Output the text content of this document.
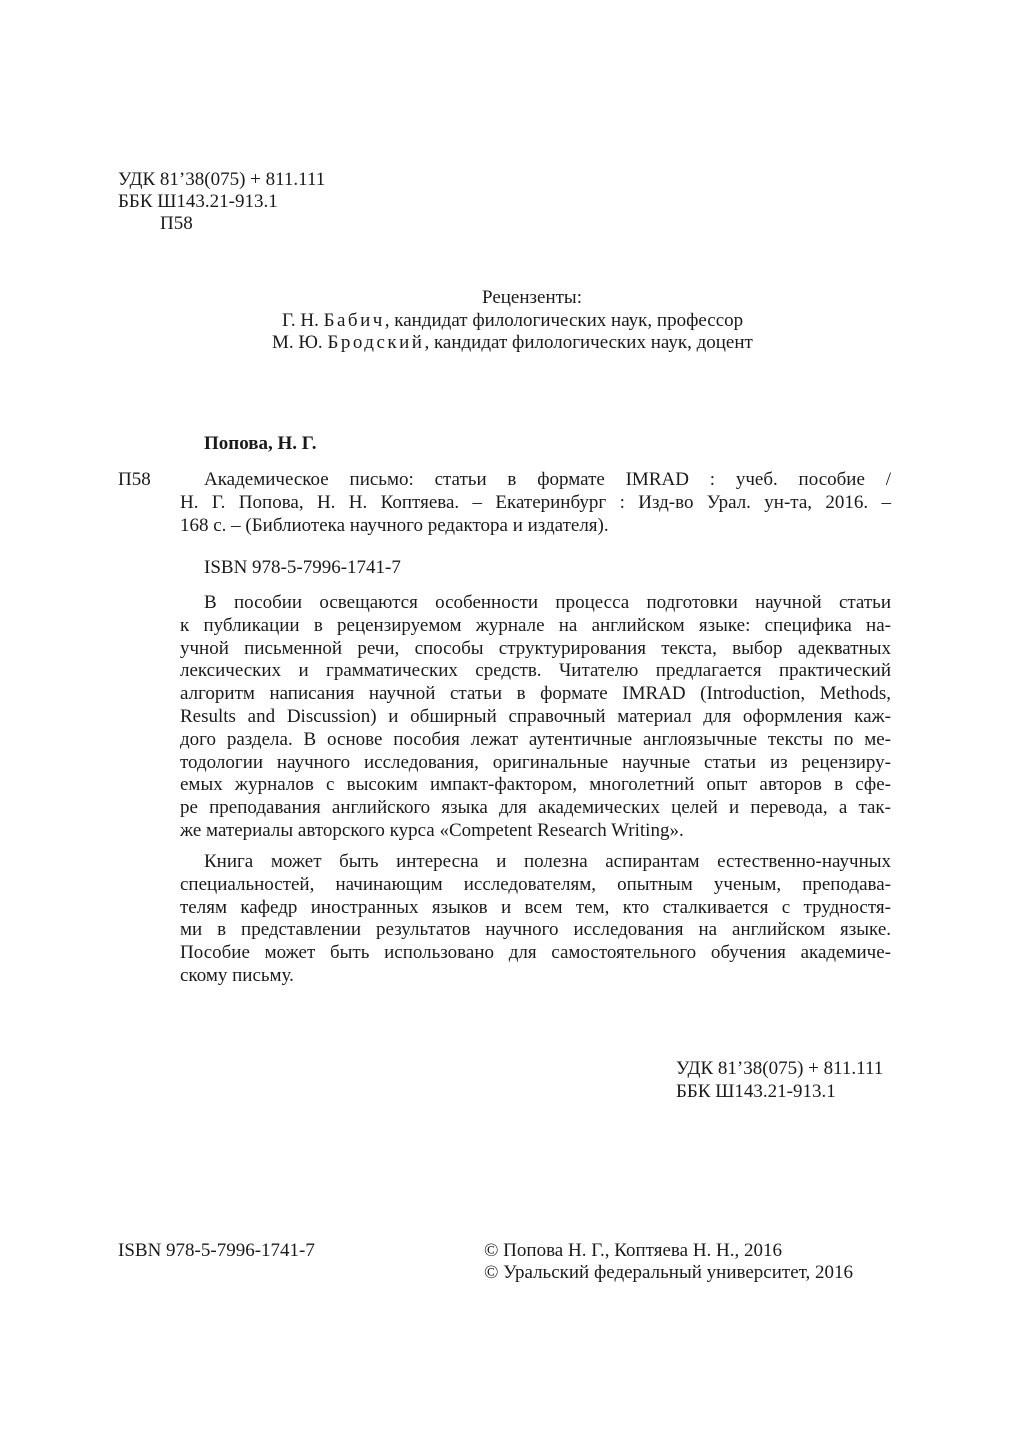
УДК 81’38(075) + 811.111
ББК Ш143.21-913.1
П58
Рецензенты:
Г. Н. Бабич, кандидат филологических наук, профессор
М. Ю. Бродский, кандидат филологических наук, доцент
Попова, Н. Г.
П58	Академическое письмо: статьи в формате IMRAD : учеб. пособие /
Н. Г. Попова, Н. Н. Коптяева. – Екатеринбург : Изд-во Урал. ун-та, 2016. –
168 с. – (Библиотека научного редактора и издателя).
ISBN 978-5-7996-1741-7
В пособии освещаются особенности процесса подготовки научной статьи
к публикации в рецензируемом журнале на английском языке: специфика на-
учной письменной речи, способы структурирования текста, выбор адекватных
лексических и грамматических средств. Читателю предлагается практический
алгоритм написания научной статьи в формате IMRAD (Introduction, Methods,
Results and Discussion) и обширный справочный материал для оформления каж-
дого раздела. В основе пособия лежат аутентичные англоязычные тексты по ме-
тодологии научного исследования, оригинальные научные статьи из рецензиру-
емых журналов с высоким импакт-фактором, многолетний опыт авторов в сфе-
ре преподавания английского языка для академических целей и перевода, а так-
же материалы авторского курса «Competent Research Writing».
Книга может быть интересна и полезна аспирантам естественно-научных
специальностей, начинающим исследователям, опытным ученым, преподава-
телям кафедр иностранных языков и всем тем, кто сталкивается с трудностя-
ми в представлении результатов научного исследования на английском языке.
Пособие может быть использовано для самостоятельного обучения академиче-
скому письму.
УДК 81’38(075) + 811.111
ББК Ш143.21-913.1
ISBN 978-5-7996-1741-7	© Попова Н. Г., Коптяева Н. Н., 2016
© Уральский федеральный университет, 2016
